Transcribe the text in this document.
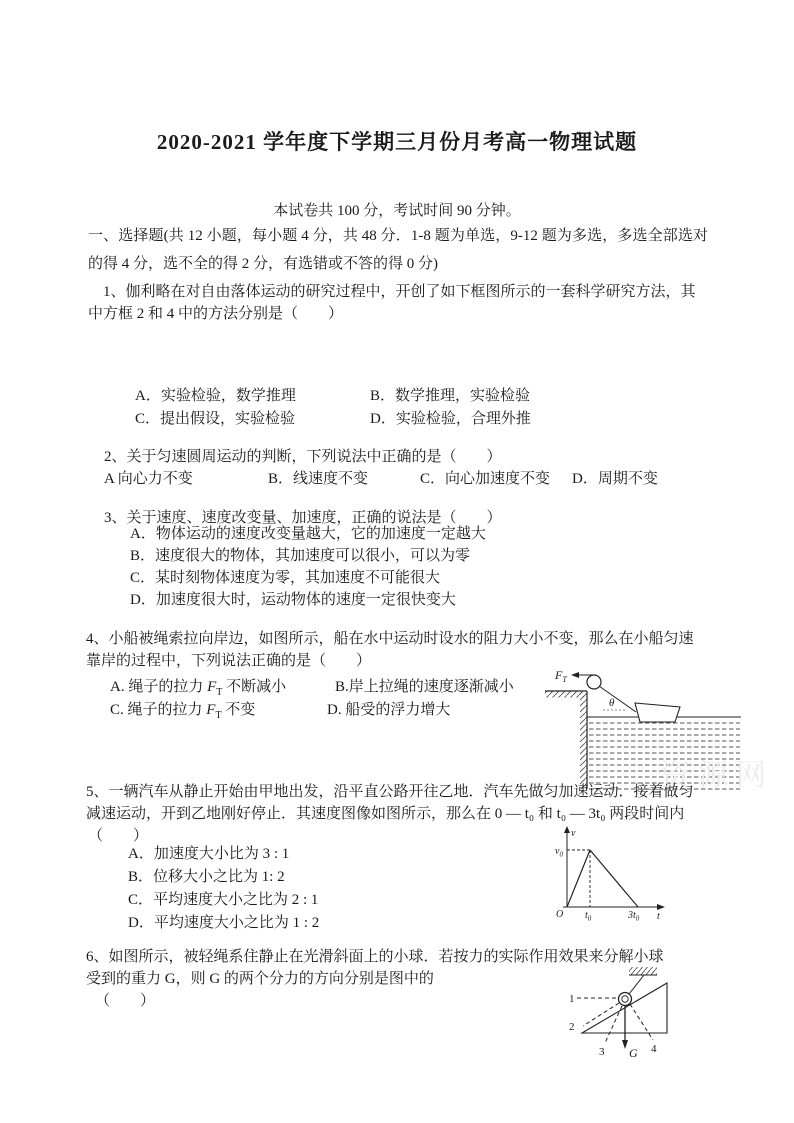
2020-2021 学年度下学期三月份月考高一物理试题
本试卷共 100 分，考试时间 90 分钟。
一、选择题(共 12 小题，每小题 4 分，共 48 分．1-8 题为单选，9-12 题为多选，多选全部选对的得 4 分，选不全的得 2 分，有选错或不答的得 0 分)
1、伽利略在对自由落体运动的研究过程中，开创了如下框图所示的一套科学研究方法，其中方框 2 和 4 中的方法分别是（　　）
A．实验检验，数学推理	B．数学推理，实验检验
C．提出假设，实验检验	D．实验检验，合理外推
2、关于匀速圆周运动的判断，下列说法中正确的是（　　）
A 向心力不变	B．线速度不变	C．向心加速度不变 D．周期不变
3、关于速度、速度改变量、加速度，正确的说法是（　　）
A．物体运动的速度改变量越大，它的加速度一定越大
B．速度很大的物体，其加速度可以很小，可以为零
C．某时刻物体速度为零，其加速度不可能很大
D．加速度很大时，运动物体的速度一定很快变大
4、小船被绳索拉向岸边，如图所示，船在水中运动时设水的阻力大小不变，那么在小船匀速靠岸的过程中，下列说法正确的是（　　）
A. 绳子的拉力 $F_T$ 不断减小	B.岸上拉绳的速度逐渐减小
C. 绳子的拉力 $F_T$ 不变	D. 船受的浮力增大
$F_T$
θ
5、一辆汽车从静止开始由甲地出发，沿平直公路开往乙地．汽车先做匀加速运动．接着做匀减速运动，开到乙地刚好停止．其速度图像如图所示，那么在 0 — t₀ 和 t₀ — 3t₀ 两段时间内
（　　）
A．加速度大小比为 3 : 1
B．位移大小之比为 1: 2
C．平均速度大小之比为 2 : 1
D．平均速度大小之比为 1 : 2
v
t
O
$v_0$
$t_0$	$3t_0$
6、如图所示，被轻绳系住静止在光滑斜面上的小球．若按力的实际作用效果来分解小球受到的重力 G，则 G 的两个分力的方向分别是图中的
（　　）	1
2
3	4
G
资源网
